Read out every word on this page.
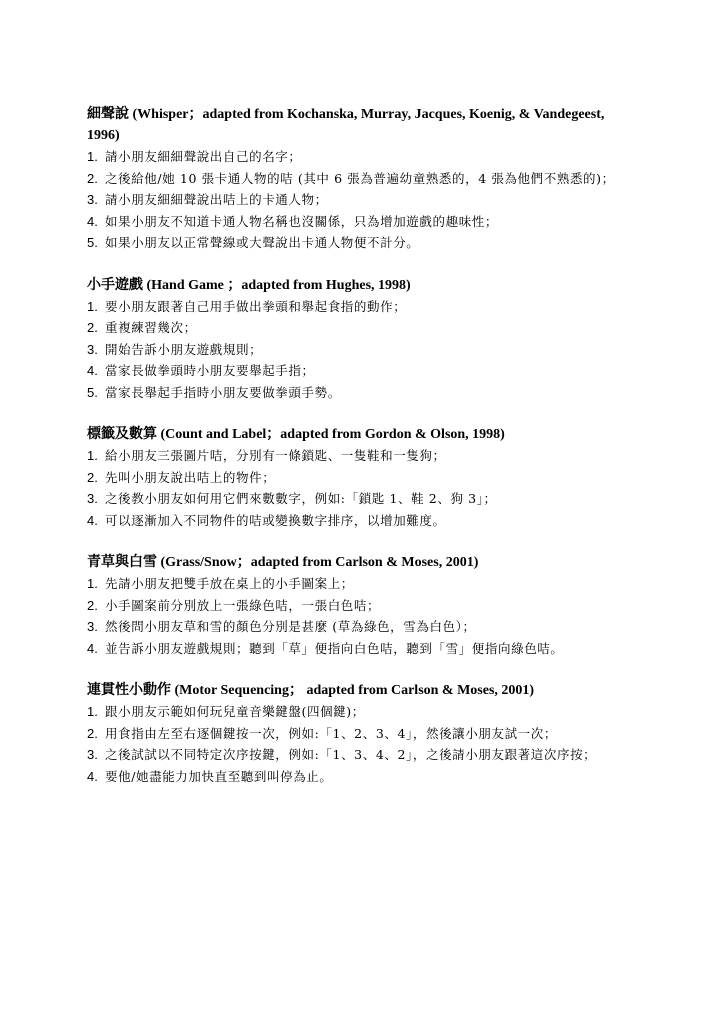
細聲說 (Whisper；adapted from Kochanska, Murray, Jacques, Koenig, & Vandegeest, 1996)

1. 請小朋友細細聲說出自己的名字；
2. 之後給他/她 10 張卡通人物的咭 (其中 6 張為普遍幼童熟悉的，4 張為他們不熟悉的)；
3. 請小朋友細細聲說出咭上的卡通人物；
4. 如果小朋友不知道卡通人物名稱也沒關係，只為增加遊戲的趣味性；
5. 如果小朋友以正常聲線或大聲說出卡通人物便不計分。

小手遊戲 (Hand Game ；adapted from Hughes, 1998)

1. 要小朋友跟著自己用手做出拳頭和舉起食指的動作；
2. 重複練習幾次；
3. 開始告訴小朋友遊戲規則；
4. 當家長做拳頭時小朋友要舉起手指；
5. 當家長舉起手指時小朋友要做拳頭手勢。

標籤及數算 (Count and Label；adapted from Gordon & Olson, 1998)

1. 給小朋友三張圖片咭，分別有一條鎖匙、一隻鞋和一隻狗；
2. 先叫小朋友說出咭上的物件；
3. 之後教小朋友如何用它們來數數字，例如:「鎖匙 1、鞋 2、狗 3」；
4. 可以逐漸加入不同物件的咭或變換數字排序，以增加難度。

青草與白雪 (Grass/Snow；adapted from Carlson & Moses, 2001)

1. 先請小朋友把雙手放在桌上的小手圖案上；
2. 小手圖案前分別放上一張綠色咭，一張白色咭；
3. 然後問小朋友草和雪的顏色分別是甚麼 (草為綠色，雪為白色）；
4. 並告訴小朋友遊戲規則；聽到「草」便指向白色咭，聽到「雪」便指向綠色咭。

連貫性小動作 (Motor Sequencing； adapted from Carlson & Moses, 2001)

1. 跟小朋友示範如何玩兒童音樂鍵盤(四個鍵)；
2. 用食指由左至右逐個鍵按一次，例如:「1、2、3、4」，然後讓小朋友試一次；
3. 之後試試以不同特定次序按鍵，例如:「1、3、4、2」，之後請小朋友跟著這次序按；
4. 要他/她盡能力加快直至聽到叫停為止。
